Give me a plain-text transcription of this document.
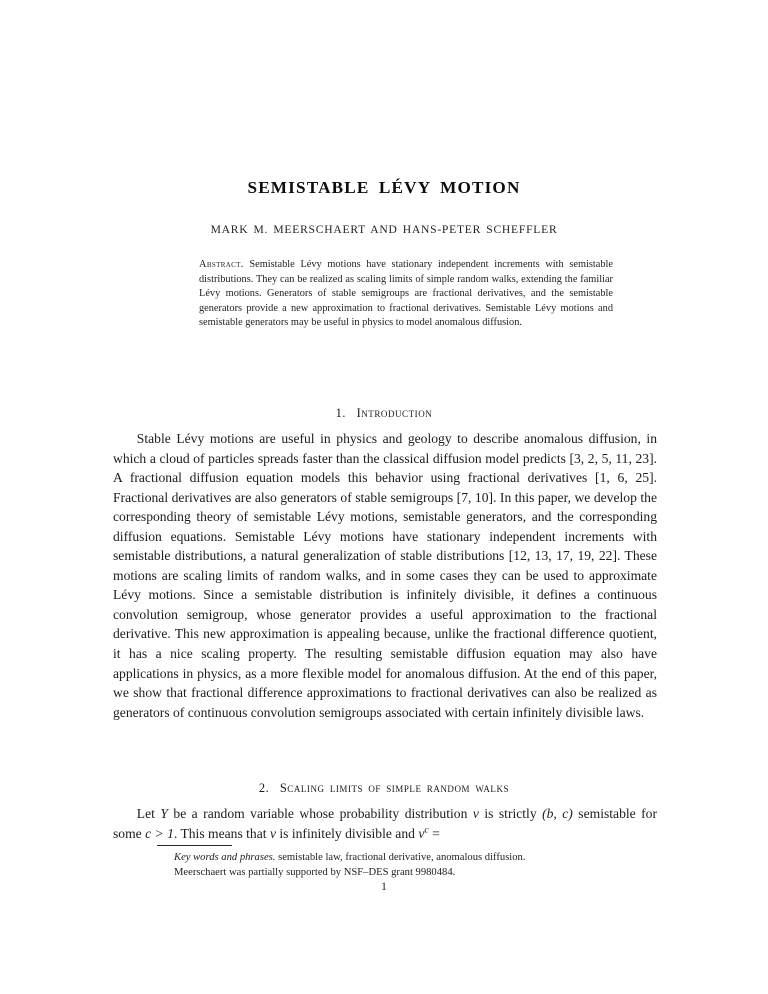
SEMISTABLE LÉVY MOTION
MARK M. MEERSCHAERT AND HANS-PETER SCHEFFLER
Abstract. Semistable Lévy motions have stationary independent increments with semistable distributions. They can be realized as scaling limits of simple random walks, extending the familiar Lévy motions. Generators of stable semigroups are fractional derivatives, and the semistable generators provide a new approximation to fractional derivatives. Semistable Lévy motions and semistable generators may be useful in physics to model anomalous diffusion.
1. Introduction
Stable Lévy motions are useful in physics and geology to describe anomalous diffusion, in which a cloud of particles spreads faster than the classical diffusion model predicts [3, 2, 5, 11, 23]. A fractional diffusion equation models this behavior using fractional derivatives [1, 6, 25]. Fractional derivatives are also generators of stable semigroups [7, 10]. In this paper, we develop the corresponding theory of semistable Lévy motions, semistable generators, and the corresponding diffusion equations. Semistable Lévy motions have stationary independent increments with semistable distributions, a natural generalization of stable distributions [12, 13, 17, 19, 22]. These motions are scaling limits of random walks, and in some cases they can be used to approximate Lévy motions. Since a semistable distribution is infinitely divisible, it defines a continuous convolution semigroup, whose generator provides a useful approximation to the fractional derivative. This new approximation is appealing because, unlike the fractional difference quotient, it has a nice scaling property. The resulting semistable diffusion equation may also have applications in physics, as a more flexible model for anomalous diffusion. At the end of this paper, we show that fractional difference approximations to fractional derivatives can also be realized as generators of continuous convolution semigroups associated with certain infinitely divisible laws.
2. Scaling limits of simple random walks
Let Y be a random variable whose probability distribution ν is strictly (b, c) semistable for some c > 1. This means that ν is infinitely divisible and $\nu^c$ =
Key words and phrases. semistable law, fractional derivative, anomalous diffusion.
Meerschaert was partially supported by NSF–DES grant 9980484.
1
